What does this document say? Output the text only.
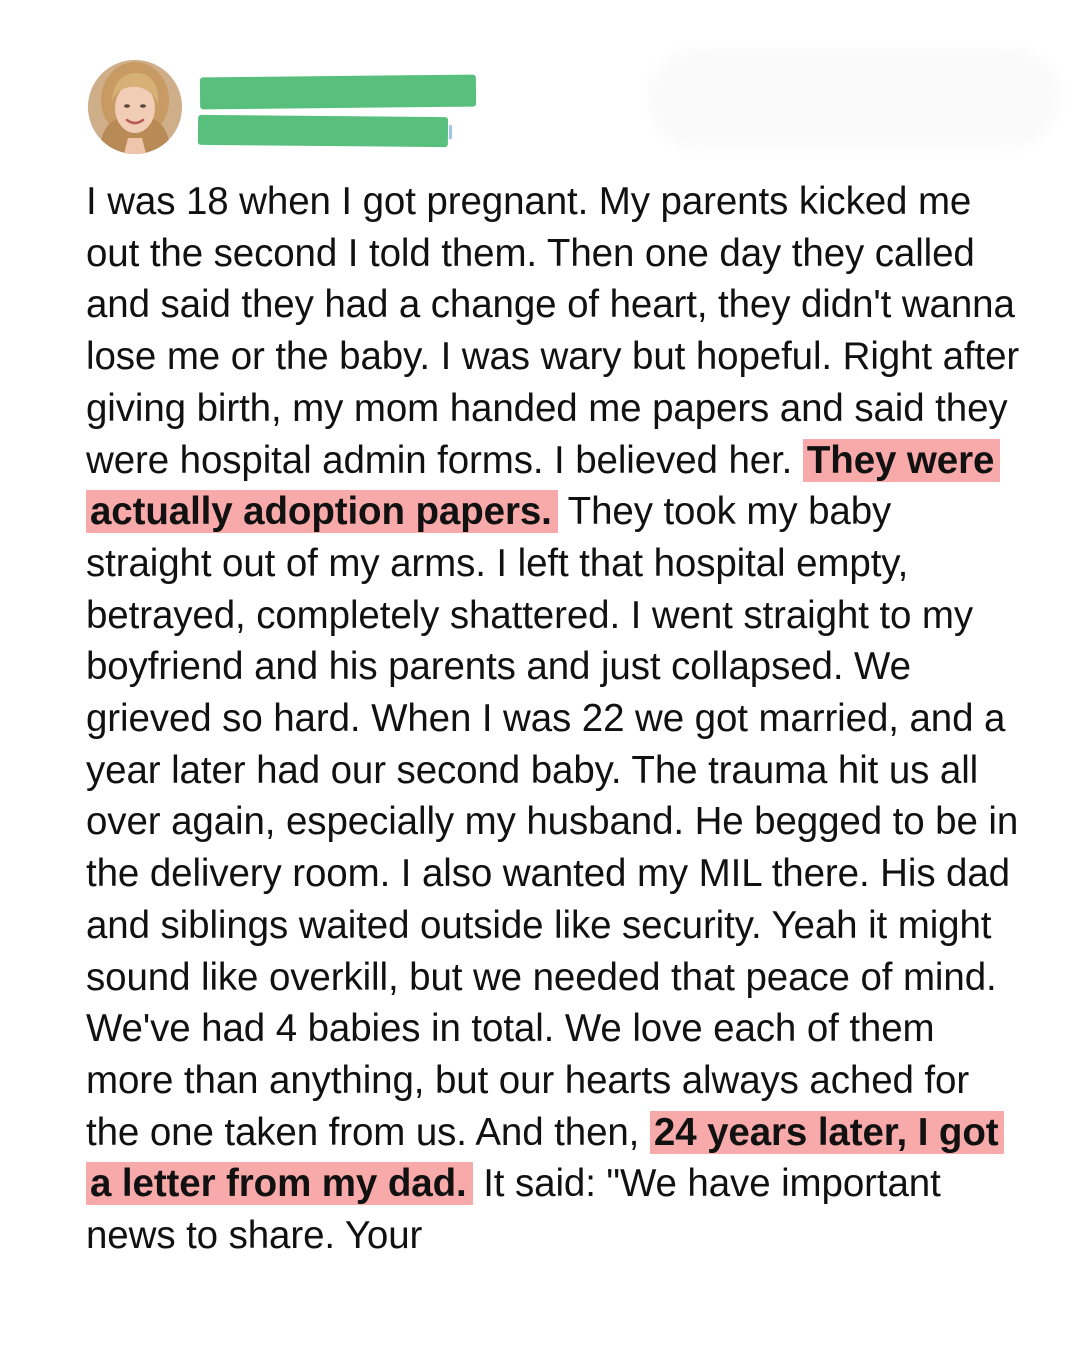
I was 18 when I got pregnant. My parents kicked me out the second I told them. Then one day they called and said they had a change of heart, they didn't wanna lose me or the baby. I was wary but hopeful. Right after giving birth, my mom handed me papers and said they were hospital admin forms. I believed her. They were actually adoption papers. They took my baby straight out of my arms. I left that hospital empty, betrayed, completely shattered. I went straight to my boyfriend and his parents and just collapsed. We grieved so hard. When I was 22 we got married, and a year later had our second baby. The trauma hit us all over again, especially my husband. He begged to be in the delivery room. I also wanted my MIL there. His dad and siblings waited outside like security. Yeah it might sound like overkill, but we needed that peace of mind. We've had 4 babies in total. We love each of them more than anything, but our hearts always ached for the one taken from us. And then, 24 years later, I got a letter from my dad. It said: "We have important news to share. Your
